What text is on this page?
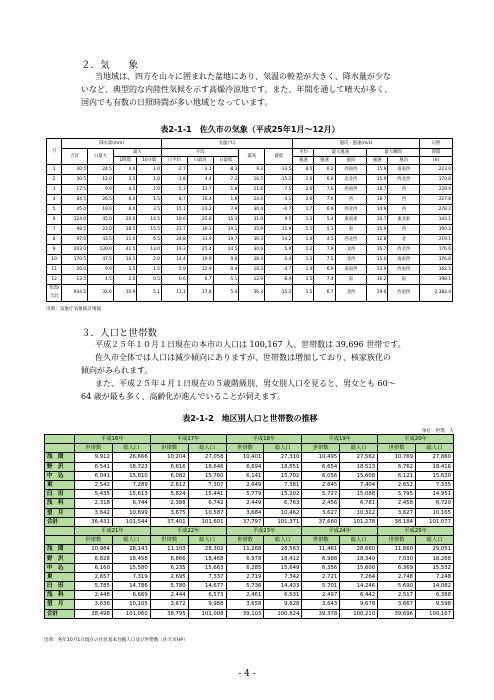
２．気　　象
当地域は、四方を山々に囲まれた盆地にあり、気温の較差が大きく、降水量が少な
いなど、典型的な内陸性気候を示す高燥冷涼地です。また、年間を通して晴天が多く、
国内でも有数の日照時間が多い地域となっています。
表2-1-1　佐久市の気象（平成25年1月～12月）
月	降水量(mm)				気温(℃)					風向・風速(m/s)					日照
	合計	日最大	最大		平均			最高	最低	平均	最大風速		最大瞬間		時間
			1時間	10分間	日平均	日最高	日最低			風速	風速	風向	風速	風向	(h)
1	30.5	24.5	4.0	1.0	-2.7	3.1	-8.3	9.2	-13.5	8.5	6.2	西南西	15.9	南南西	223.0
2	30.5	12.0	3.5	1.0	-1.8	4.4	-7.2	16.5	-15.2	1.6	6.6	北北西	15.9	西北西	179.8
3	17.5	9.0	4.5	1.0	5.3	13.7	-1.8	21.6	-7.5	2.0	7.6	西南西	18.7	西	229.9
4	84.5	26.5	6.0	1.5	8.7	16.4	1.8	24.6	-4.1	2.0	7.6	西	18.7	西	227.8
5	45.0	19.0	6.0	3.5	15.1	23.2	7.9	30.4	-0.7	1.7	6.9	西北西	14.9	西	278.2
6	124.0	45.0	20.0	14.5	19.6	25.8	15.3	31.0	9.5	1.3	5.4	東南東	10.7	東北東	143.1
7	98.5	23.0	18.5	15.5	23.7	30.3	19.1	35.9	15.9	1.1	5.3	南	15.9	西	190.3
8	97.0	43.5	11.0	6.5	24.8	31.9	19.7	36.3	14.2	1.0	4.5	西北西	12.8	北	219.1
9	203.0	130.0	41.5	13.0	19.3	25.4	14.5	30.6	5.9	1.2	7.9	北西	16.7	西北西	176.6
10	170.5	47.5	10.5	2.0	14.4	19.9	9.8	28.4	0.4	1.3	7.5	北西	15.0	南南西	176.8
11	26.0	9.0	3.5	1.5	5.9	12.9	-0.4	18.3	-4.7	1.4	6.9	南南西	13.9	西南西	162.5
12	13.5	4.5	2.0	0.5	0.6	6.7	-5.1	12.0	-8.4	1.5	7.4	南	16.2	南	198.1

年間/
合計	934.5	32.6	10.9	5.1	11.1	17.8	5.4	36.3	-15.2	1.5	6.7	北西	19.0	西南西	2,382.4
出典：気象庁気象統計情報
３．人口と世帯数
平成２５年１０月１日現在の本市の人口は 100,167 人、世帯数は 39,696 世帯です。
佐久市全体では人口は減少傾向にありますが、世帯数は増加しており、核家族化の
傾向がみられます。
また、平成２５年４月１日現在の５歳階級別、男女別人口を見ると、男女とも 60～
64 歳が最も多く、高齢化が進んでいることが伺えます。
表2-1-2　地区別人口と世帯数の推移
単位：世帯、人
	平成16年		平成17年		平成18年		平成19年		平成20年	
	世帯数	総人口	世帯数	総人口	世帯数	総人口	世帯数	総人口	世帯数	総人口
浅　間	9,912	26,666	10,204	27,058	10,401	27,310	10,495	27,562	10,769	27,860
野　沢	6,541	18,723	6,616	18,646	6,694	18,551	6,654	18,513	6,762	18,416
中　込	6,041	15,810	6,082	15,760	6,141	15,702	6,056	15,608	6,121	15,630
東	2,542	7,289	2,612	7,307	2,649	7,381	2,645	7,404	2,652	7,335
臼　田	5,435	15,613	5,824	15,441	5,779	15,202	5,727	15,088	5,795	14,951
浅　科	2,318	6,744	2,388	6,742	2,449	6,763	2,456	6,781	2,458	6,720
望　月	3,642	10,699	3,675	10,587	3,684	10,462	3,627	10,322	3,627	10,165
合計	36,431	101,544	37,401	101,601	37,797	101,371	37,660	101,278	38,184	101,077
	平成21年		平成22年		平成23年		平成24年		平成25年	
	世帯数	総人口	世帯数	総人口	世帯数	総人口	世帯数	総人口	世帯数	総人口
浅　間	10,984	28,143	11,103	28,302	11,268	28,563	11,461	28,660	11,660	29,051
野　沢	6,828	18,458	6,866	18,468	6,978	18,412	6,988	18,340	7,030	18,268
中　込	6,160	15,580	6,235	15,663	6,285	15,649	6,356	15,600	6,369	15,532
東	2,657	7,319	2,695	7,337	2,719	7,342	2,721	7,264	2,748	7,248
臼　田	5,785	14,786	5,780	14,677	5,736	14,433	5,701	14,246	5,690	14,082
浅　科	2,448	6,669	2,444	6,573	2,461	6,531	2,497	6,442	2,517	6,388
望　月	3,636	10,105	3,672	9,988	3,658	9,828	3,643	9,678	3,667	9,598
合計	38,498	101,060	38,795	101,008	39,103	100,824	39,378	100,210	39,696	100,167
出典：各年10月1日現在の住民基本台帳人口及び世帯数（佐久市HP）
- 4 -
